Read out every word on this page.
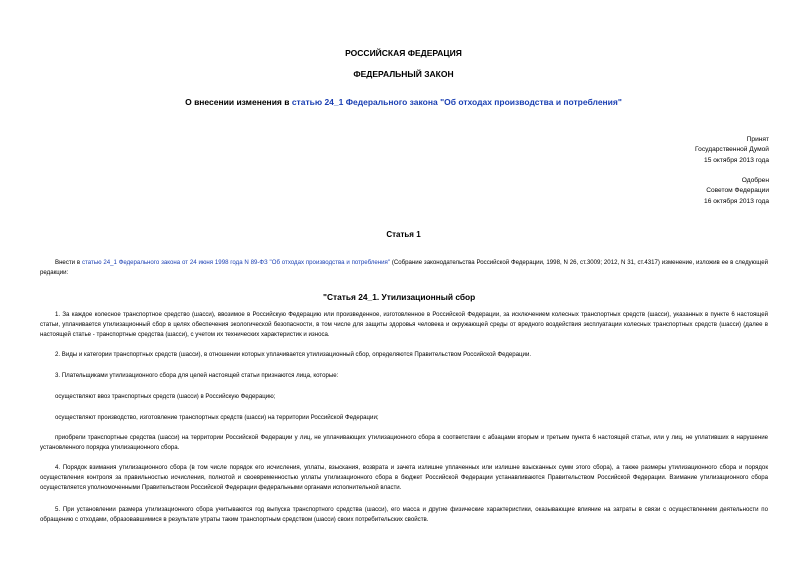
РОССИЙСКАЯ ФЕДЕРАЦИЯ
ФЕДЕРАЛЬНЫЙ ЗАКОН
О внесении изменения в статью 24_1 Федерального закона "Об отходах производства и потребления"
Принят
Государственной Думой
15 октября 2013 года
Одобрен
Советом Федерации
16 октября 2013 года
Статья 1
Внести в статью 24_1 Федерального закона от 24 июня 1998 года N 89-ФЗ "Об отходах производства и потребления" (Собрание законодательства Российской Федерации, 1998, N 26, ст.3009; 2012, N 31, ст.4317) изменение, изложив ее в следующей редакции:
"Статья 24_1. Утилизационный сбор
1. За каждое колесное транспортное средство (шасси), ввозимое в Российскую Федерацию или произведенное, изготовленное в Российской Федерации, за исключением колесных транспортных средств (шасси), указанных в пункте 6 настоящей статьи, уплачивается утилизационный сбор в целях обеспечения экологической безопасности, в том числе для защиты здоровья человека и окружающей среды от вредного воздействия эксплуатации колесных транспортных средств (шасси) (далее в настоящей статье - транспортные средства (шасси), с учетом их технических характеристик и износа.
2. Виды и категории транспортных средств (шасси), в отношении которых уплачивается утилизационный сбор, определяются Правительством Российской Федерации.
3. Плательщиками утилизационного сбора для целей настоящей статьи признаются лица, которые:
осуществляют ввоз транспортных средств (шасси) в Российскую Федерацию;
осуществляют производство, изготовление транспортных средств (шасси) на территории Российской Федерации;
приобрели транспортные средства (шасси) на территории Российской Федерации у лиц, не уплачивающих утилизационного сбора в соответствии с абзацами вторым и третьим пункта 6 настоящей статьи, или у лиц, не уплативших в нарушение установленного порядка утилизационного сбора.
4. Порядок взимания утилизационного сбора (в том числе порядок его исчисления, уплаты, взыскания, возврата и зачета излишне уплаченных или излишне взысканных сумм этого сбора), а также размеры утилизационного сбора и порядок осуществления контроля за правильностью исчисления, полнотой и своевременностью уплаты утилизационного сбора в бюджет Российской Федерации устанавливаются Правительством Российской Федерации. Взимание утилизационного сбора осуществляется уполномоченными Правительством Российской Федерации федеральными органами исполнительной власти.
5. При установлении размера утилизационного сбора учитываются год выпуска транспортного средства (шасси), его масса и другие физические характеристики, оказывающие влияние на затраты в связи с осуществлением деятельности по обращению с отходами, образовавшимися в результате утраты таким транспортным средством (шасси) своих потребительских свойств.
